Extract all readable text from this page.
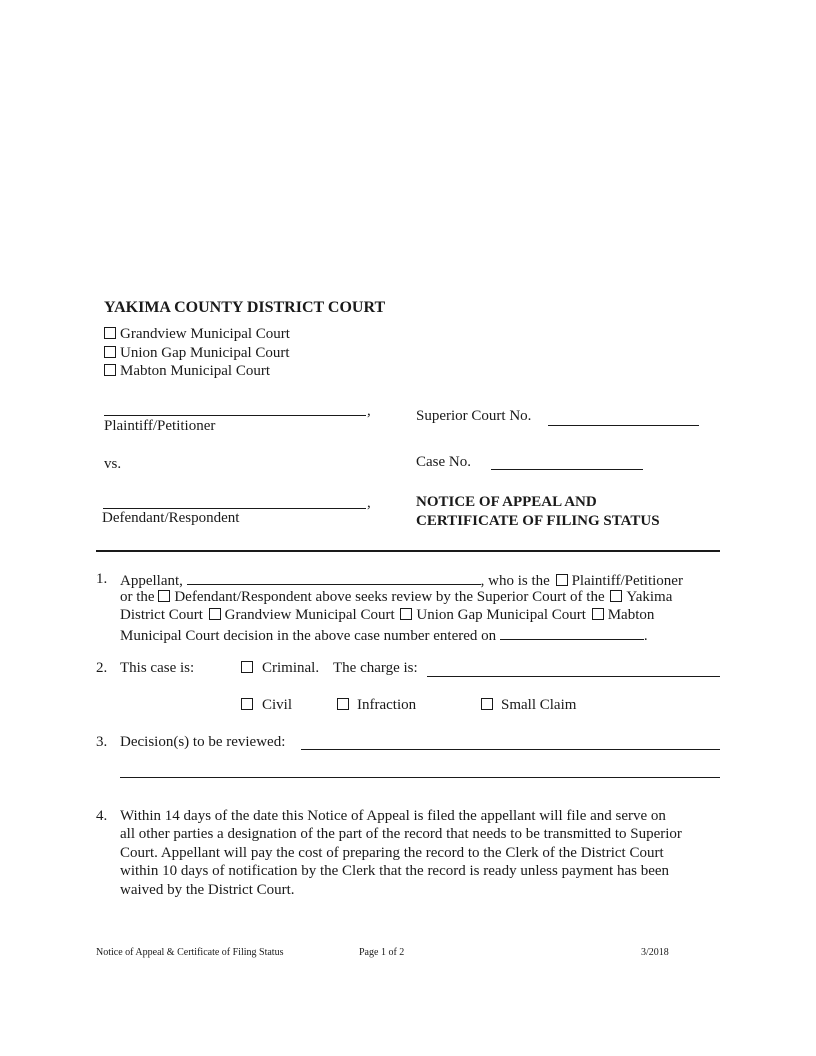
YAKIMA COUNTY DISTRICT COURT
Grandview Municipal Court
Union Gap Municipal Court
Mabton Municipal Court
,
Plaintiff/Petitioner
vs.
,
Defendant/Respondent
Superior Court No.
Case No.
NOTICE OF APPEAL AND
CERTIFICATE OF FILING STATUS
1. Appellant,	, who is the Plaintiff/Petitioner
or the Defendant/Respondent above seeks review by the Superior Court of the Yakima
District Court Grandview Municipal Court Union Gap Municipal Court Mabton
Municipal Court decision in the above case number entered on	.
2. This case is:	Criminal. The charge is:
Civil	Infraction	Small Claim
3. Decision(s) to be reviewed:
4. Within 14 days of the date this Notice of Appeal is filed the appellant will file and serve on
all other parties a designation of the part of the record that needs to be transmitted to Superior
Court. Appellant will pay the cost of preparing the record to the Clerk of the District Court
within 10 days of notification by the Clerk that the record is ready unless payment has been
waived by the District Court.
Notice of Appeal & Certificate of Filing Status	Page 1 of 2	3/2018
